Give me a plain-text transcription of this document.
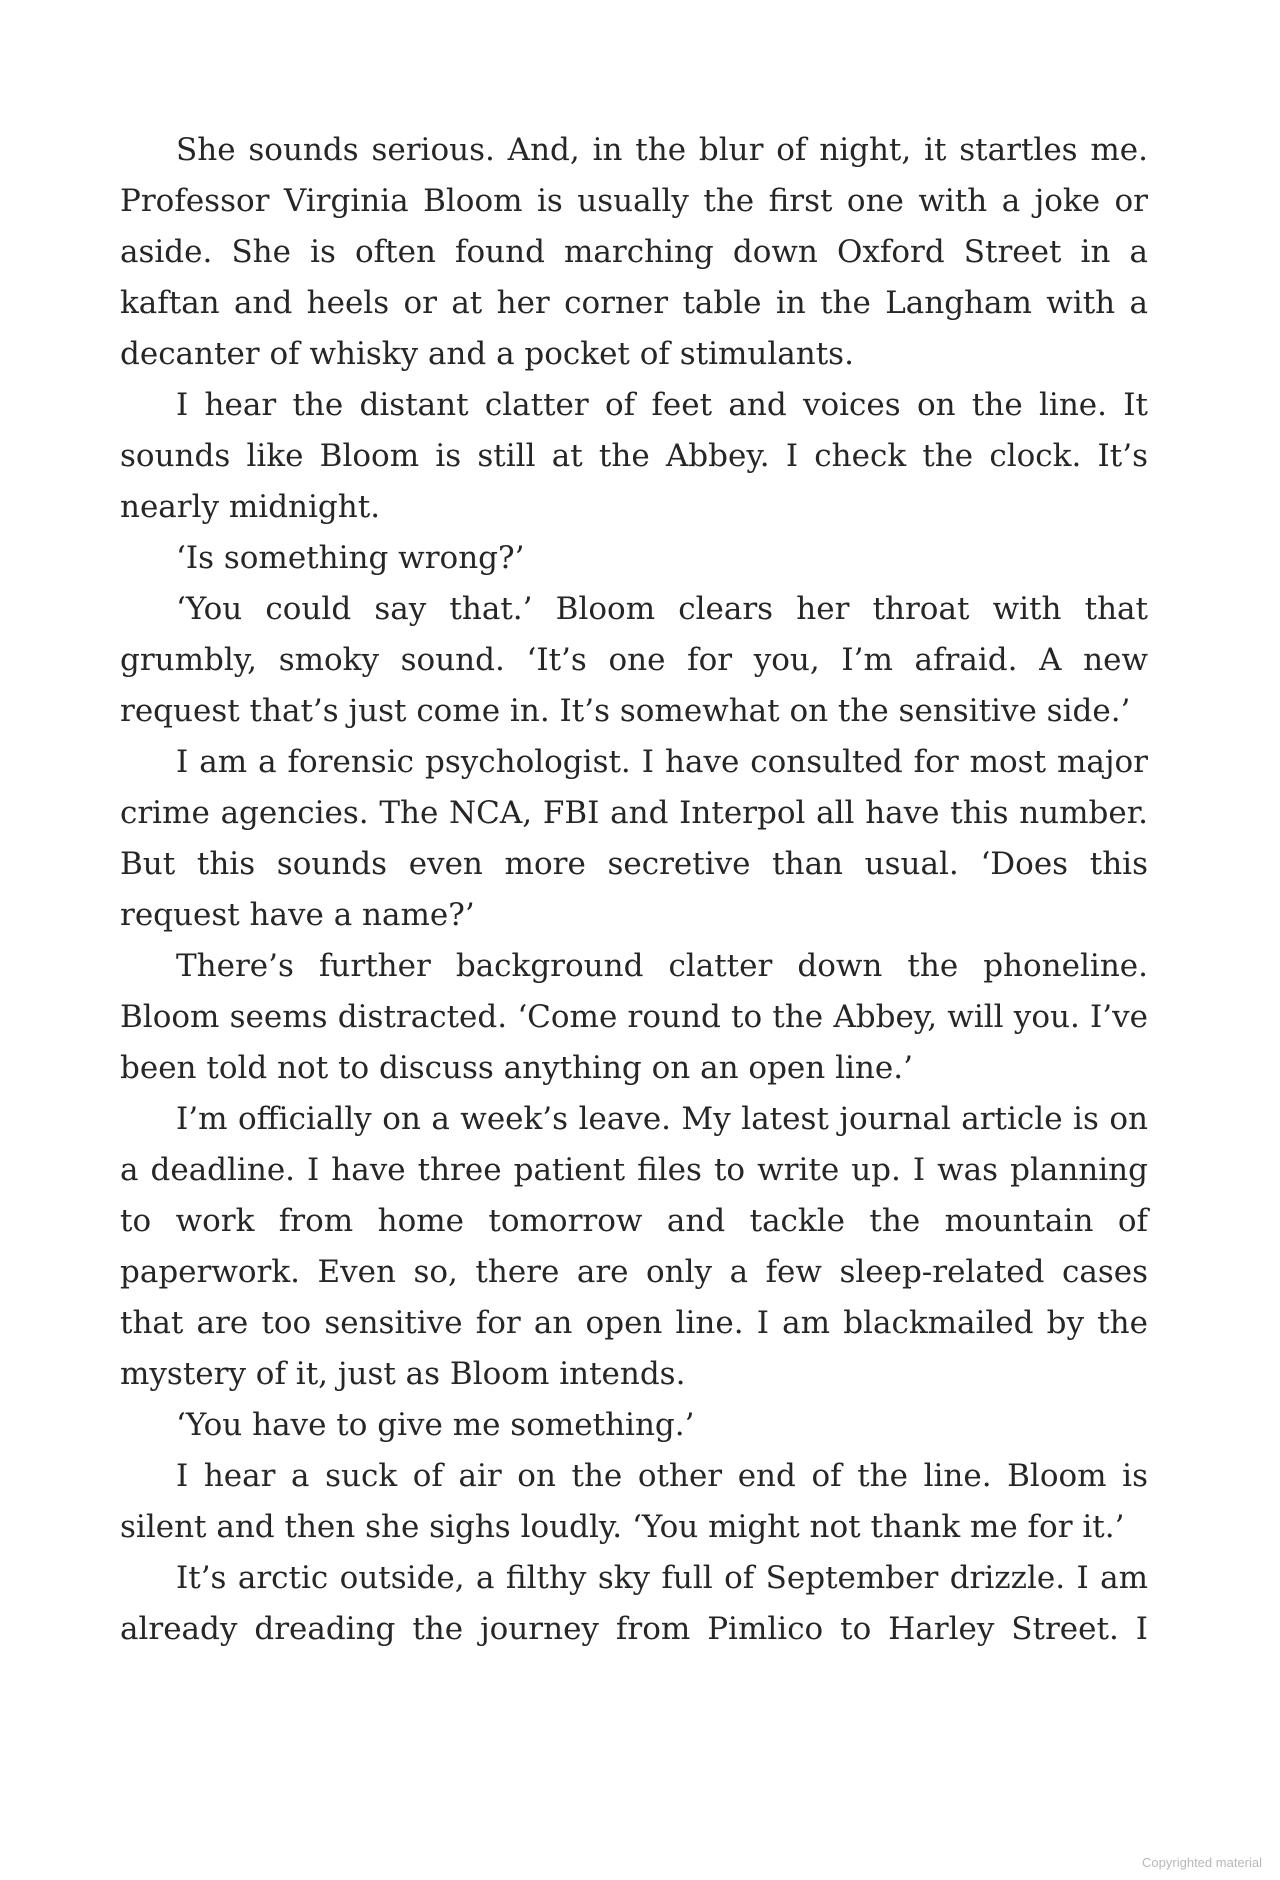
She sounds serious. And, in the blur of night, it startles me. Professor Virginia Bloom is usually the first one with a joke or aside. She is often found marching down Oxford Street in a kaftan and heels or at her corner table in the Langham with a decanter of whisky and a pocket of stimulants.

I hear the distant clatter of feet and voices on the line. It sounds like Bloom is still at the Abbey. I check the clock. It’s nearly midnight.

‘Is something wrong?’

‘You could say that.’ Bloom clears her throat with that grumbly, smoky sound. ‘It’s one for you, I’m afraid. A new request that’s just come in. It’s somewhat on the sensitive side.’

I am a forensic psychologist. I have consulted for most major crime agencies. The NCA, FBI and Interpol all have this number. But this sounds even more secretive than usual. ‘Does this request have a name?’

There’s further background clatter down the phoneline. Bloom seems distracted. ‘Come round to the Abbey, will you. I’ve been told not to discuss anything on an open line.’

I’m officially on a week’s leave. My latest journal article is on a deadline. I have three patient files to write up. I was planning to work from home tomorrow and tackle the mountain of paperwork. Even so, there are only a few sleep-related cases that are too sensitive for an open line. I am blackmailed by the mystery of it, just as Bloom intends.

‘You have to give me something.’

I hear a suck of air on the other end of the line. Bloom is silent and then she sighs loudly. ‘You might not thank me for it.’

It’s arctic outside, a filthy sky full of September drizzle. I am already dreading the journey from Pimlico to Harley Street. I

Copyrighted material
